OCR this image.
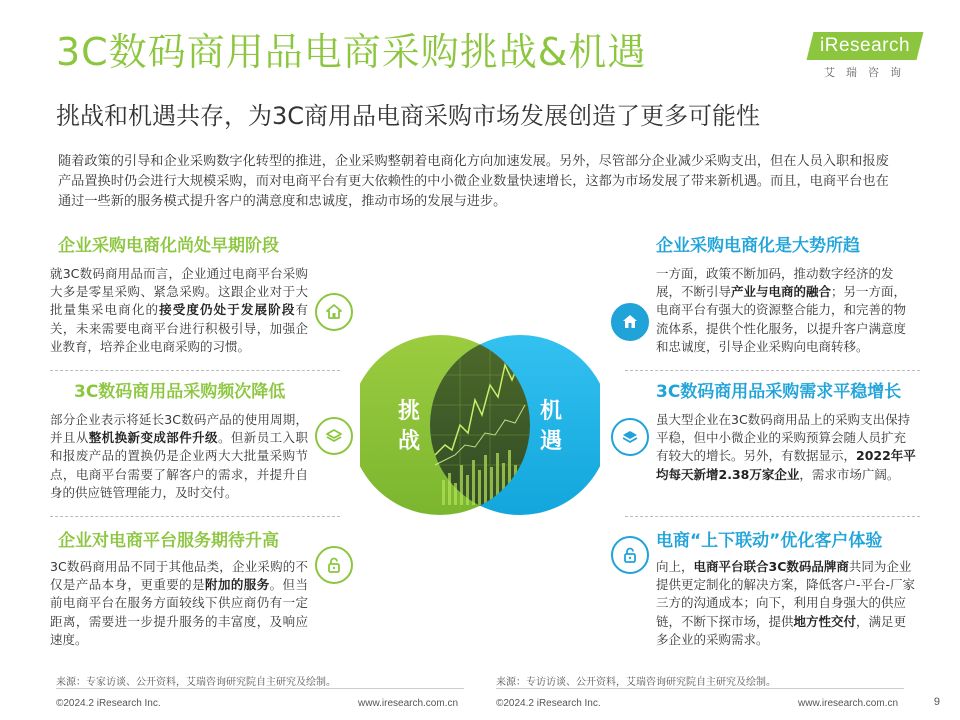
3C数码商用品电商采购挑战&机遇
挑战和机遇共存，为3C商用品电商采购市场发展创造了更多可能性
iResearch
艾瑞咨询
随着政策的引导和企业采购数字化转型的推进，企业采购整朝着电商化方向加速发展。另外，尽管部分企业减少采购支出，但在人员入职和报废产品置换时仍会进行大规模采购，而对电商平台有更大依赖性的中小微企业数量快速增长，这都为市场发展了带来新机遇。而且，电商平台也在通过一些新的服务模式提升客户的满意度和忠诚度，推动市场的发展与进步。
企业采购电商化尚处早期阶段
就3C数码商用品而言，企业通过电商平台采购大多是零星采购、紧急采购。这跟企业对于大批量集采电商化的接受度仍处于发展阶段有关，未来需要电商平台进行积极引导，加强企业教育，培养企业电商采购的习惯。
3C数码商用品采购频次降低
部分企业表示将延长3C数码产品的使用周期，并且从整机换新变成部件升级。但新员工入职和报废产品的置换仍是企业两大大批量采购节点，电商平台需要了解客户的需求，并提升自身的供应链管理能力，及时交付。
企业对电商平台服务期待升高
3C数码商用品不同于其他品类，企业采购的不仅是产品本身，更重要的是附加的服务。但当前电商平台在服务方面较线下供应商仍有一定距离，需要进一步提升服务的丰富度，及响应速度。
挑
战
机
遇
企业采购电商化是大势所趋
一方面，政策不断加码，推动数字经济的发展，不断引导产业与电商的融合；另一方面，电商平台有强大的资源整合能力，和完善的物流体系，提供个性化服务，以提升客户满意度和忠诚度，引导企业采购向电商转移。
3C数码商用品采购需求平稳增长
虽大型企业在3C数码商用品上的采购支出保持平稳，但中小微企业的采购预算会随人员扩充有较大的增长。另外，有数据显示，2022年平均每天新增2.38万家企业，需求市场广阔。
电商“上下联动”优化客户体验
向上，电商平台联合3C数码品牌商共同为企业提供更定制化的解决方案，降低客户-平台-厂家三方的沟通成本；向下，利用自身强大的供应链，不断下探市场，提供地方性交付，满足更多企业的采购需求。
来源：专家访谈、公开资料，艾瑞咨询研究院自主研究及绘制。	来源：专访访谈、公开资料，艾瑞咨询研究院自主研究及绘制。
©2024.2 iResearch Inc.	www.iresearch.com.cn	©2024.2 iResearch Inc.	www.iresearch.com.cn	9
